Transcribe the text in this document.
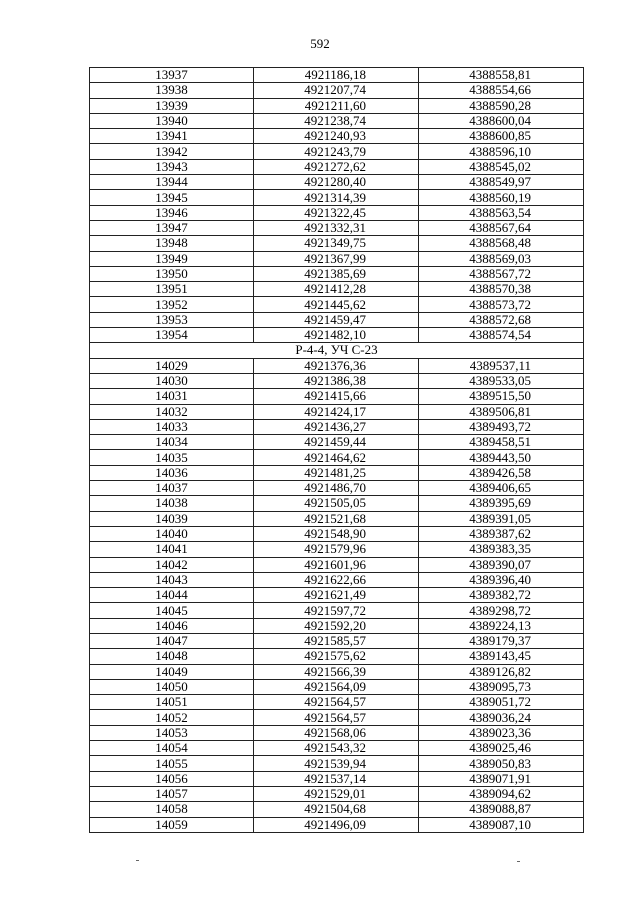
592
13937	4921186,18	4388558,81
13938	4921207,74	4388554,66
13939	4921211,60	4388590,28
13940	4921238,74	4388600,04
13941	4921240,93	4388600,85
13942	4921243,79	4388596,10
13943	4921272,62	4388545,02
13944	4921280,40	4388549,97
13945	4921314,39	4388560,19
13946	4921322,45	4388563,54
13947	4921332,31	4388567,64
13948	4921349,75	4388568,48
13949	4921367,99	4388569,03
13950	4921385,69	4388567,72
13951	4921412,28	4388570,38
13952	4921445,62	4388573,72
13953	4921459,47	4388572,68
13954	4921482,10	4388574,54
Р-4-4, УЧ С-23		
14029	4921376,36	4389537,11
14030	4921386,38	4389533,05
14031	4921415,66	4389515,50
14032	4921424,17	4389506,81
14033	4921436,27	4389493,72
14034	4921459,44	4389458,51
14035	4921464,62	4389443,50
14036	4921481,25	4389426,58
14037	4921486,70	4389406,65
14038	4921505,05	4389395,69
14039	4921521,68	4389391,05
14040	4921548,90	4389387,62
14041	4921579,96	4389383,35
14042	4921601,96	4389390,07
14043	4921622,66	4389396,40
14044	4921621,49	4389382,72
14045	4921597,72	4389298,72
14046	4921592,20	4389224,13
14047	4921585,57	4389179,37
14048	4921575,62	4389143,45
14049	4921566,39	4389126,82
14050	4921564,09	4389095,73
14051	4921564,57	4389051,72
14052	4921564,57	4389036,24
14053	4921568,06	4389023,36
14054	4921543,32	4389025,46
14055	4921539,94	4389050,83
14056	4921537,14	4389071,91
14057	4921529,01	4389094,62
14058	4921504,68	4389088,87
14059	4921496,09	4389087,10
